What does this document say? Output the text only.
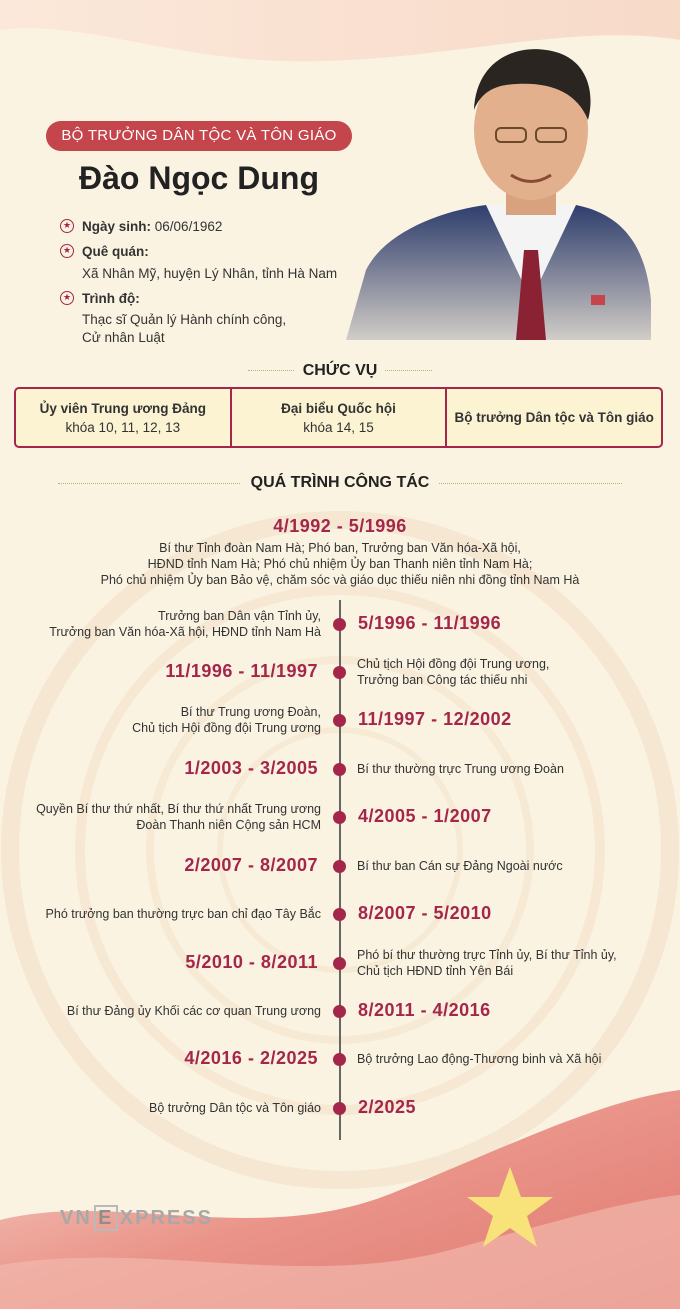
BỘ TRƯỞNG DÂN TỘC VÀ TÔN GIÁO
Đào Ngọc Dung
★ Ngày sinh: 06/06/1962
★ Quê quán:
Xã Nhân Mỹ, huyện Lý Nhân, tỉnh Hà Nam
★ Trình độ:
Thạc sĩ Quản lý Hành chính công,
Cử nhân Luật
CHỨC VỤ
Ủy viên Trung ương Đảng
khóa 10, 11, 12, 13
Đại biểu Quốc hội
khóa 14, 15
Bộ trưởng Dân tộc và Tôn giáo
QUÁ TRÌNH CÔNG TÁC
4/1992 - 5/1996
Bí thư Tỉnh đoàn Nam Hà; Phó ban, Trưởng ban Văn hóa-Xã hội,
HĐND tỉnh Nam Hà; Phó chủ nhiệm Ủy ban Thanh niên tỉnh Nam Hà;
Phó chủ nhiệm Ủy ban Bảo vệ, chăm sóc và giáo dục thiếu niên nhi đồng tỉnh Nam Hà
5/1996 - 11/1996
Trưởng ban Dân vận Tỉnh ủy,
Trưởng ban Văn hóa-Xã hội, HĐND tỉnh Nam Hà
11/1996 - 11/1997	Chủ tịch Hội đồng đội Trung ương,
Trưởng ban Công tác thiếu nhi
11/1997 - 12/2002
Bí thư Trung ương Đoàn,
Chủ tịch Hội đồng đội Trung ương
1/2003 - 3/2005	Bí thư thường trực Trung ương Đoàn
4/2005 - 1/2007
Quyền Bí thư thứ nhất, Bí thư thứ nhất Trung ương
Đoàn Thanh niên Cộng sản HCM
2/2007 - 8/2007	Bí thư ban Cán sự Đảng Ngoài nước
8/2007 - 5/2010
Phó trưởng ban thường trực ban chỉ đạo Tây Bắc
5/2010 - 8/2011	Phó bí thư thường trực Tỉnh ủy, Bí thư Tỉnh ủy,
Chủ tịch HĐND tỉnh Yên Bái
8/2011 - 4/2016
Bí thư Đảng ủy Khối các cơ quan Trung ương
4/2016 - 2/2025	Bộ trưởng Lao động-Thương binh và Xã hội
2/2025
Bộ trưởng Dân tộc và Tôn giáo
VN E XPRESS
